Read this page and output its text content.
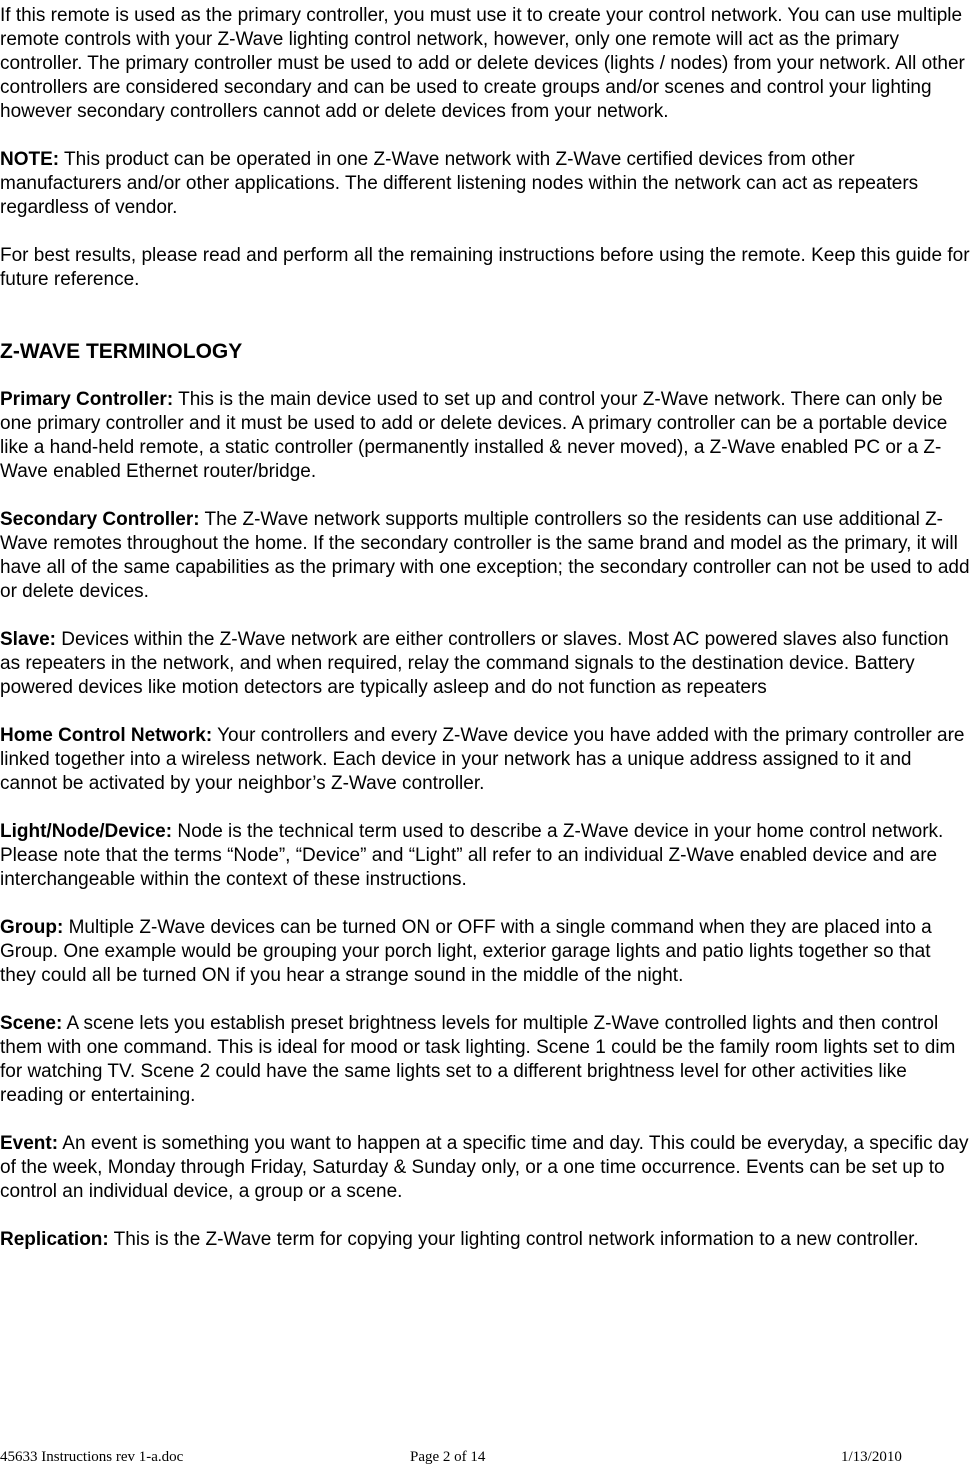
If this remote is used as the primary controller, you must use it to create your control network. You can use multiple remote controls with your Z-Wave lighting control network, however, only one remote will act as the primary controller. The primary controller must be used to add or delete devices (lights / nodes) from your network. All other controllers are considered secondary and can be used to create groups and/or scenes and control your lighting however secondary controllers cannot add or delete devices from your network.

NOTE: This product can be operated in one Z-Wave network with Z-Wave certified devices from other manufacturers and/or other applications. The different listening nodes within the network can act as repeaters regardless of vendor.

For best results, please read and perform all the remaining instructions before using the remote. Keep this guide for future reference.

Z-WAVE TERMINOLOGY

Primary Controller: This is the main device used to set up and control your Z-Wave network. There can only be one primary controller and it must be used to add or delete devices. A primary controller can be a portable device like a hand-held remote, a static controller (permanently installed & never moved), a Z-Wave enabled PC or a Z-Wave enabled Ethernet router/bridge.

Secondary Controller: The Z-Wave network supports multiple controllers so the residents can use additional Z-Wave remotes throughout the home. If the secondary controller is the same brand and model as the primary, it will have all of the same capabilities as the primary with one exception; the secondary controller can not be used to add or delete devices.

Slave: Devices within the Z-Wave network are either controllers or slaves. Most AC powered slaves also function as repeaters in the network, and when required, relay the command signals to the destination device. Battery powered devices like motion detectors are typically asleep and do not function as repeaters

Home Control Network: Your controllers and every Z-Wave device you have added with the primary controller are linked together into a wireless network. Each device in your network has a unique address assigned to it and cannot be activated by your neighbor’s Z-Wave controller.

Light/Node/Device: Node is the technical term used to describe a Z-Wave device in your home control network. Please note that the terms “Node”, “Device” and “Light” all refer to an individual Z-Wave enabled device and are interchangeable within the context of these instructions.

Group: Multiple Z-Wave devices can be turned ON or OFF with a single command when they are placed into a Group. One example would be grouping your porch light, exterior garage lights and patio lights together so that they could all be turned ON if you hear a strange sound in the middle of the night.

Scene: A scene lets you establish preset brightness levels for multiple Z-Wave controlled lights and then control them with one command. This is ideal for mood or task lighting. Scene 1 could be the family room lights set to dim for watching TV. Scene 2 could have the same lights set to a different brightness level for other activities like reading or entertaining.

Event: An event is something you want to happen at a specific time and day. This could be everyday, a specific day of the week, Monday through Friday, Saturday & Sunday only, or a one time occurrence. Events can be set up to control an individual device, a group or a scene.

Replication: This is the Z-Wave term for copying your lighting control network information to a new controller.

45633 Instructions rev 1-a.doc	Page 2 of 14	1/13/2010
